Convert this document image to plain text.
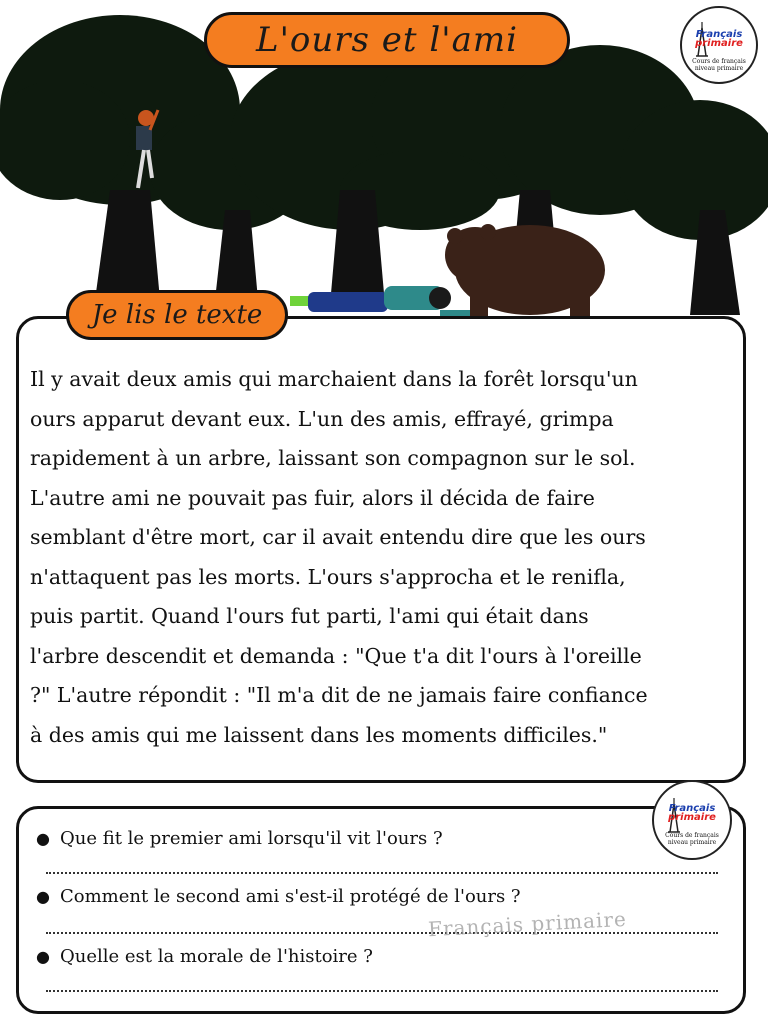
L'ours et l'ami	Français
primaire
Cours de français
niveau primaire
Je lis le texte
Il y avait deux amis qui marchaient dans la forêt lorsqu'un
ours apparut devant eux. L'un des amis, effrayé, grimpa
rapidement à un arbre, laissant son compagnon sur le sol.
L'autre ami ne pouvait pas fuir, alors il décida de faire
semblant d'être mort, car il avait entendu dire que les ours
n'attaquent pas les morts. L'ours s'approcha et le renifla,
puis partit. Quand l'ours fut parti, l'ami qui était dans
l'arbre descendit et demanda : "Que t'a dit l'ours à l'oreille
?" L'autre répondit : "Il m'a dit de ne jamais faire confiance
à des amis qui me laissent dans les moments difficiles."
Français
primaire
Cours de français
niveau primaire
● Que fit le premier ami lorsqu'il vit l'ours ?
● Comment le second ami s'est-il protégé de l'ours ?
● Quelle est la morale de l'histoire ?
Français primaire
